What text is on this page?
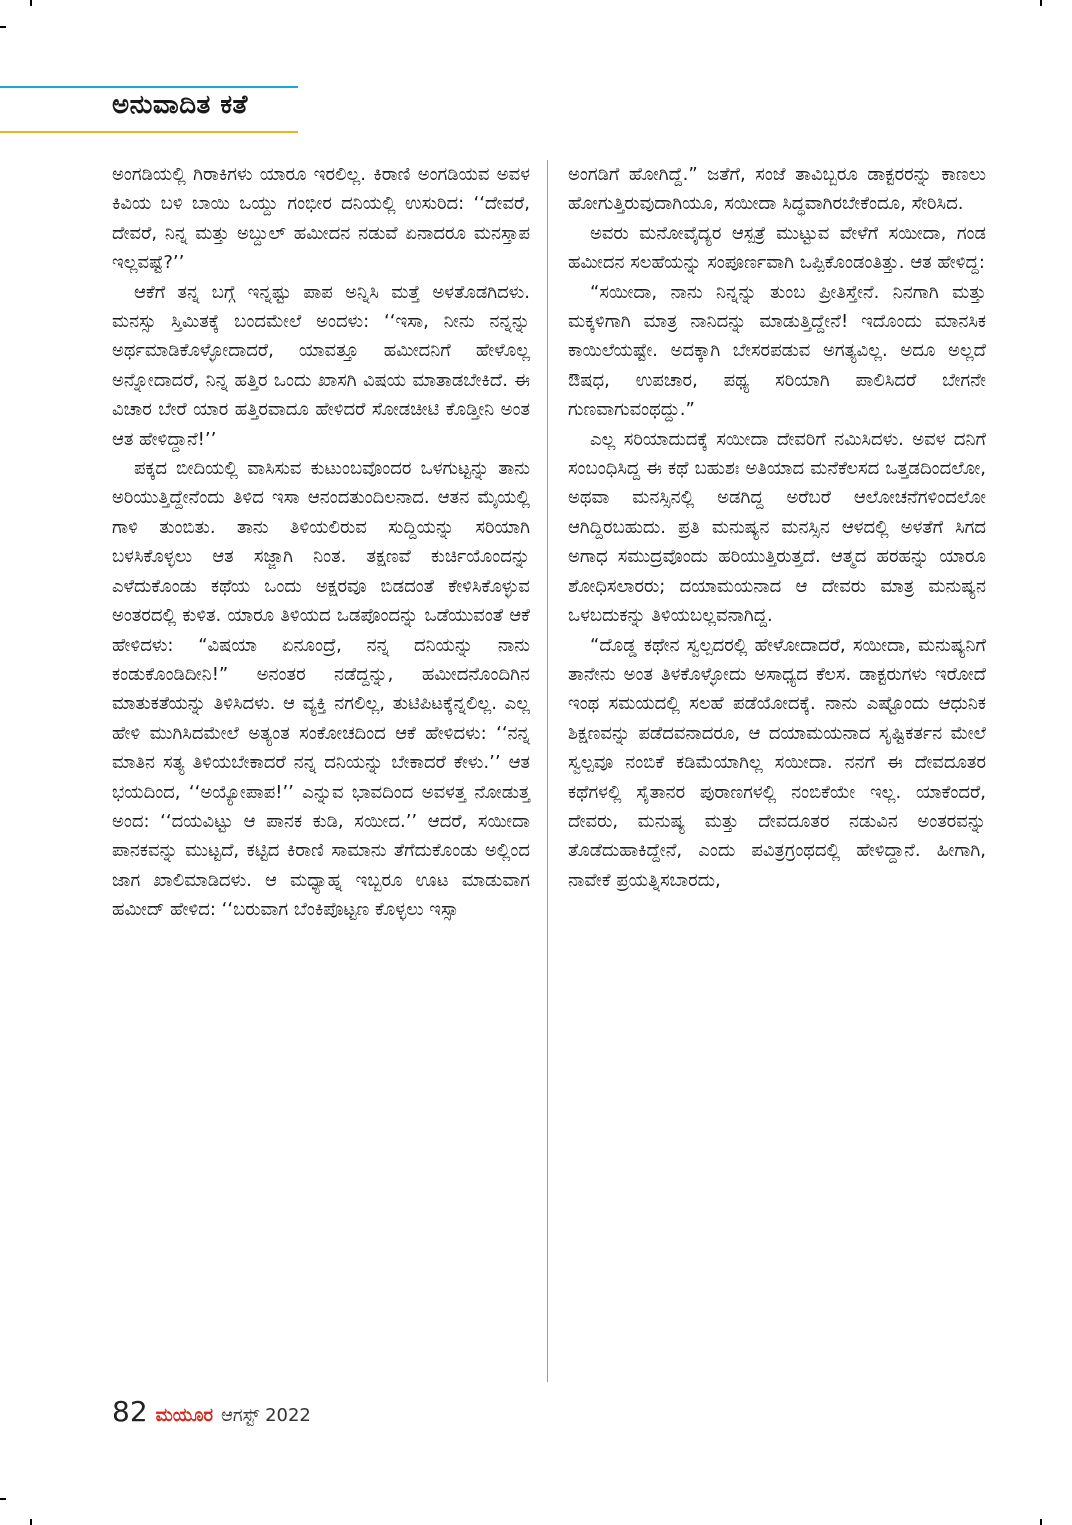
ಅನುವಾದಿತ ಕತೆ

ಅಂಗಡಿಯಲ್ಲಿ ಗಿರಾಕಿಗಳು ಯಾರೂ ಇರಲಿಲ್ಲ. ಕಿರಾಣಿ ಅಂಗಡಿಯವ ಅವಳ ಕಿವಿಯ ಬಳಿ ಬಾಯಿ ಒಯ್ದು ಗಂಭೀರ ದನಿಯಲ್ಲಿ ಉಸುರಿದ: ‘‘ದೇವರೆ, ದೇವರೆ, ನಿನ್ನ ಮತ್ತು ಅಬ್ದುಲ್ ಹಮೀದನ ನಡುವೆ ಏನಾದರೂ ಮನಸ್ತಾಪ ಇಲ್ಲವಷ್ಟೆ?’’

ಆಕೆಗೆ ತನ್ನ ಬಗ್ಗೆ ಇನ್ನಷ್ಟು ಪಾಪ ಅನ್ನಿಸಿ ಮತ್ತೆ ಅಳತೊಡಗಿದಳು. ಮನಸ್ಸು ಸ್ತಿಮಿತಕ್ಕೆ ಬಂದಮೇಲೆ ಅಂದಳು: ‘‘ಇಸಾ, ನೀನು ನನ್ನನ್ನು ಅರ್ಥಮಾಡಿಕೊಳ್ಳೋದಾದರೆ, ಯಾವತ್ತೂ ಹಮೀದನಿಗೆ ಹೇಳೊಲ್ಲ ಅನ್ನೋದಾದರೆ, ನಿನ್ನ ಹತ್ತಿರ ಒಂದು ಖಾಸಗಿ ವಿಷಯ ಮಾತಾಡಬೇಕಿದೆ. ಈ ವಿಚಾರ ಬೇರೆ ಯಾರ ಹತ್ತಿರವಾದೂ ಹೇಳಿದರೆ ಸೋಡಚೀಟಿ ಕೊಡ್ತೀನಿ ಅಂತ ಆತ ಹೇಳಿದ್ದಾನೆ!’’

ಪಕ್ಕದ ಬೀದಿಯಲ್ಲಿ ವಾಸಿಸುವ ಕುಟುಂಬವೊಂದರ ಒಳಗುಟ್ಟನ್ನು ತಾನು ಅರಿಯುತ್ತಿದ್ದೇನೆಂದು ತಿಳಿದ ಇಸಾ ಆನಂದತುಂದಿಲನಾದ. ಆತನ ಮೈಯಲ್ಲಿ ಗಾಳಿ ತುಂಬಿತು. ತಾನು ತಿಳಿಯಲಿರುವ ಸುದ್ದಿಯನ್ನು ಸರಿಯಾಗಿ ಬಳಸಿಕೊಳ್ಳಲು ಆತ ಸಜ್ಜಾಗಿ ನಿಂತ. ತಕ್ಷಣವೆ ಕುರ್ಚಿಯೊಂದನ್ನು ಎಳೆದುಕೊಂಡು ಕಥೆಯ ಒಂದು ಅಕ್ಷರವೂ ಬಿಡದಂತೆ ಕೇಳಿಸಿಕೊಳ್ಳುವ ಅಂತರದಲ್ಲಿ ಕುಳಿತ. ಯಾರೂ ತಿಳಿಯದ ಒಡಪೊಂದನ್ನು ಒಡೆಯುವಂತೆ ಆಕೆ ಹೇಳಿದಳು: “ವಿಷಯಾ ಏನೂಂದ್ರೆ, ನನ್ನ ದನಿಯನ್ನು ನಾನು ಕಂಡುಕೊಂಡಿದೀನಿ!” ಅನಂತರ ನಡೆದ್ದನ್ನು, ಹಮೀದನೊಂದಿಗಿನ ಮಾತುಕತೆಯನ್ನು ತಿಳಿಸಿದಳು. ಆ ವ್ಯಕ್ತಿ ನಗಲಿಲ್ಲ, ತುಟಿಪಿಟಕ್ಕೆನ್ನಲಿಲ್ಲ. ಎಲ್ಲ ಹೇಳಿ ಮುಗಿಸಿದಮೇಲೆ ಅತ್ಯಂತ ಸಂಕೋಚದಿಂದ ಆಕೆ ಹೇಳಿದಳು: ‘‘ನನ್ನ ಮಾತಿನ ಸತ್ಯ ತಿಳಿಯಬೇಕಾದರೆ ನನ್ನ ದನಿಯನ್ನು ಬೇಕಾದರೆ ಕೇಳು.’’ ಆತ ಭಯದಿಂದ, ‘‘ಅಯ್ಯೋಪಾಪ!’’ ಎನ್ನುವ ಭಾವದಿಂದ ಅವಳತ್ತ ನೋಡುತ್ತ ಅಂದ: ‘‘ದಯವಿಟ್ಟು ಆ ಪಾನಕ ಕುಡಿ, ಸಯೀದ.’’ ಆದರೆ, ಸಯೀದಾ ಪಾನಕವನ್ನು ಮುಟ್ಟದೆ, ಕಟ್ಟಿದ ಕಿರಾಣಿ ಸಾಮಾನು ತೆಗೆದುಕೊಂಡು ಅಲ್ಲಿಂದ ಜಾಗ ಖಾಲಿಮಾಡಿದಳು. ಆ ಮಧ್ಯಾಹ್ನ ಇಬ್ಬರೂ ಊಟ ಮಾಡುವಾಗ ಹಮೀದ್ ಹೇಳಿದ: ‘‘ಬರುವಾಗ ಬೆಂಕಿಪೊಟ್ಟಣ ಕೊಳ್ಳಲು ಇಸ್ಸಾ

ಅಂಗಡಿಗೆ ಹೋಗಿದ್ದೆ.” ಜತೆಗೆ, ಸಂಜೆ ತಾವಿಬ್ಬರೂ ಡಾಕ್ಟರರನ್ನು ಕಾಣಲು ಹೋಗುತ್ತಿರುವುದಾಗಿಯೂ, ಸಯೀದಾ ಸಿದ್ಧವಾಗಿರಬೇಕೆಂದೂ, ಸೇರಿಸಿದ.

ಅವರು ಮನೋವೈದ್ಯರ ಆಸ್ಪತ್ರೆ ಮುಟ್ಟುವ ವೇಳೆಗೆ ಸಯೀದಾ, ಗಂಡ ಹಮೀದನ ಸಲಹೆಯನ್ನು ಸಂಪೂರ್ಣವಾಗಿ ಒಪ್ಪಿಕೊಂಡಂತಿತ್ತು. ಆತ ಹೇಳಿದ್ದ:

“ಸಯೀದಾ, ನಾನು ನಿನ್ನನ್ನು ತುಂಬ ಪ್ರೀತಿಸ್ತೇನೆ. ನಿನಗಾಗಿ ಮತ್ತು ಮಕ್ಕಳಿಗಾಗಿ ಮಾತ್ರ ನಾನಿದನ್ನು ಮಾಡುತ್ತಿದ್ದೇನೆ! ಇದೊಂದು ಮಾನಸಿಕ ಕಾಯಿಲೆಯಷ್ಟೇ. ಅದಕ್ಕಾಗಿ ಬೇಸರಪಡುವ ಅಗತ್ಯವಿಲ್ಲ. ಅದೂ ಅಲ್ಲದೆ ಔಷಧ, ಉಪಚಾರ, ಪಥ್ಯ ಸರಿಯಾಗಿ ಪಾಲಿಸಿದರೆ ಬೇಗನೇ ಗುಣವಾಗುವಂಥದ್ದು.”

ಎಲ್ಲ ಸರಿಯಾದುದಕ್ಕೆ ಸಯೀದಾ ದೇವರಿಗೆ ನಮಿಸಿದಳು. ಅವಳ ದನಿಗೆ ಸಂಬಂಧಿಸಿದ್ದ ಈ ಕಥೆ ಬಹುಶಃ ಅತಿಯಾದ ಮನೆಕೆಲಸದ ಒತ್ತಡದಿಂದಲೋ, ಅಥವಾ ಮನಸ್ಸಿನಲ್ಲಿ ಅಡಗಿದ್ದ ಅರೆಬರೆ ಆಲೋಚನೆಗಳಿಂದಲೋ ಆಗಿದ್ದಿರಬಹುದು. ಪ್ರತಿ ಮನುಷ್ಯನ ಮನಸ್ಸಿನ ಆಳದಲ್ಲಿ ಅಳತೆಗೆ ಸಿಗದ ಅಗಾಧ ಸಮುದ್ರವೊಂದು ಹರಿಯುತ್ತಿರುತ್ತದೆ. ಆತ್ಮದ ಹರಹನ್ನು ಯಾರೂ ಶೋಧಿಸಲಾರರು; ದಯಾಮಯನಾದ ಆ ದೇವರು ಮಾತ್ರ ಮನುಷ್ಯನ ಒಳಬದುಕನ್ನು ತಿಳಿಯಬಲ್ಲವನಾಗಿದ್ದ.

“ದೊಡ್ಡ ಕಥೇನ ಸ್ವಲ್ಪದರಲ್ಲಿ ಹೇಳೋದಾದರೆ, ಸಯೀದಾ, ಮನುಷ್ಯನಿಗೆ ತಾನೇನು ಅಂತ ತಿಳಕೊಳ್ಳೋದು ಅಸಾಧ್ಯದ ಕೆಲಸ. ಡಾಕ್ಟರುಗಳು ಇರೋದೆ ಇಂಥ ಸಮಯದಲ್ಲಿ ಸಲಹೆ ಪಡೆಯೋದಕ್ಕೆ. ನಾನು ಎಷ್ಟೊಂದು ಆಧುನಿಕ ಶಿಕ್ಷಣವನ್ನು ಪಡೆದವನಾದರೂ, ಆ ದಯಾಮಯನಾದ ಸೃಷ್ಟಿಕರ್ತನ ಮೇಲೆ ಸ್ವಲ್ಪವೂ ನಂಬಿಕೆ ಕಡಿಮೆಯಾಗಿಲ್ಲ ಸಯೀದಾ. ನನಗೆ ಈ ದೇವದೂತರ ಕಥೆಗಳಲ್ಲಿ ಸೈತಾನರ ಪುರಾಣಗಳಲ್ಲಿ ನಂಬಿಕೆಯೇ ಇಲ್ಲ. ಯಾಕೆಂದರೆ, ದೇವರು, ಮನುಷ್ಯ ಮತ್ತು ದೇವದೂತರ ನಡುವಿನ ಅಂತರವನ್ನು ತೊಡೆದುಹಾಕಿದ್ದೇನೆ, ಎಂದು ಪವಿತ್ರಗ್ರಂಥದಲ್ಲಿ ಹೇಳಿದ್ದಾನೆ. ಹೀಗಾಗಿ, ನಾವೇಕೆ ಪ್ರಯತ್ನಿಸಬಾರದು,

82 ಮಯೂರ ಆಗಸ್ಟ್ 2022
